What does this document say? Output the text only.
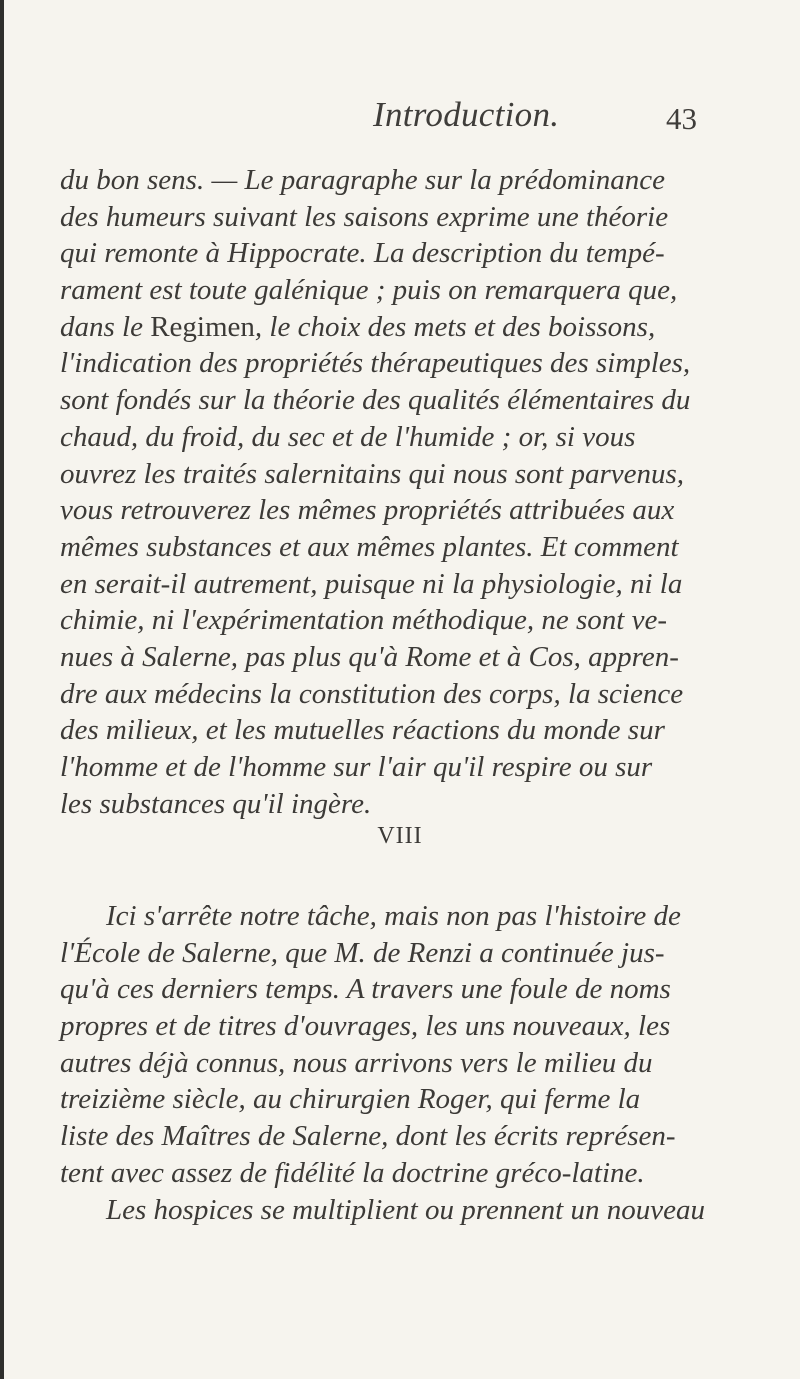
Introduction.	43
du bon sens. — Le paragraphe sur la prédominance
des humeurs suivant les saisons exprime une théorie
qui remonte à Hippocrate. La description du tempé-
rament est toute galénique ; puis on remarquera que,
dans le Regimen, le choix des mets et des boissons,
l'indication des propriétés thérapeutiques des simples,
sont fondés sur la théorie des qualités élémentaires du
chaud, du froid, du sec et de l'humide ; or, si vous
ouvrez les traités salernitains qui nous sont parvenus,
vous retrouverez les mêmes propriétés attribuées aux
mêmes substances et aux mêmes plantes. Et comment
en serait-il autrement, puisque ni la physiologie, ni la
chimie, ni l'expérimentation méthodique, ne sont ve-
nues à Salerne, pas plus qu'à Rome et à Cos, appren-
dre aux médecins la constitution des corps, la science
des milieux, et les mutuelles réactions du monde sur
l'homme et de l'homme sur l'air qu'il respire ou sur
les substances qu'il ingère.
VIII
Ici s'arrête notre tâche, mais non pas l'histoire de
l'École de Salerne, que M. de Renzi a continuée jus-
qu'à ces derniers temps. A travers une foule de noms
propres et de titres d'ouvrages, les uns nouveaux, les
autres déjà connus, nous arrivons vers le milieu du
treizième siècle, au chirurgien Roger, qui ferme la
liste des Maîtres de Salerne, dont les écrits représen-
tent avec assez de fidélité la doctrine gréco-latine.
Les hospices se multiplient ou prennent un nouveau
